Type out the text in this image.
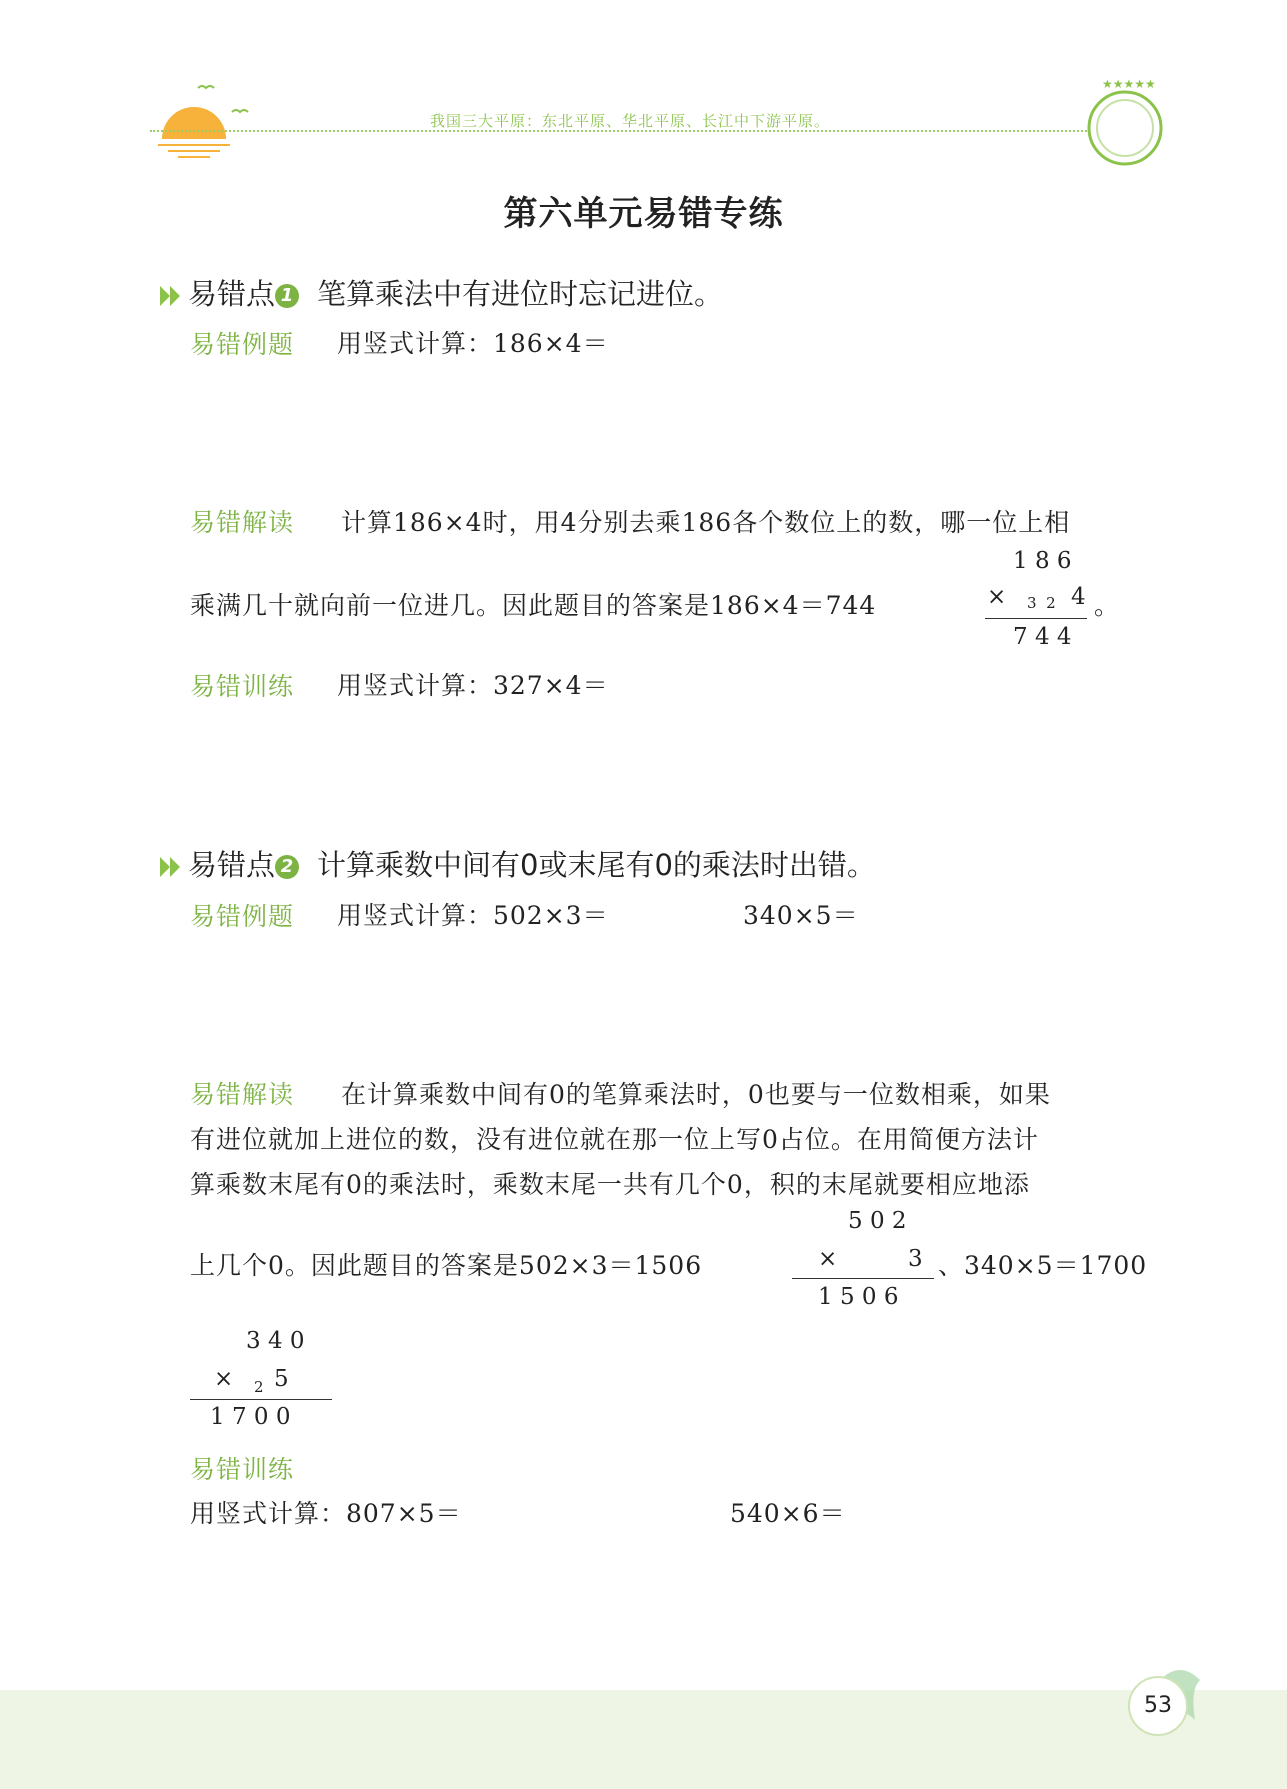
我国三大平原：东北平原、华北平原、长江中下游平原。
★★★★★
第六单元易错专练
易错点 1 笔算乘法中有进位时忘记进位。
易错例题 用竖式计算：186×4＝
易错解读 计算186×4时，用4分别去乘186各个数位上的数，哪一位上相
乘满几十就向前一位进几。因此题目的答案是186×4＝744
1 8 6
× 3  2 4
7 4 4
。
易错训练 用竖式计算：327×4＝
易错点 2 计算乘数中间有0或末尾有0的乘法时出错。
易错例题 用竖式计算：502×3＝	340×5＝
易错解读 在计算乘数中间有0的笔算乘法时，0也要与一位数相乘，如果
有进位就加上进位的数，没有进位就在那一位上写0占位。在用简便方法计
算乘数末尾有0的乘法时，乘数末尾一共有几个0，积的末尾就要相应地添
上几个0。因此题目的答案是502×3＝1506
5 0 2
×	3
1 5 0 6
、340×5＝1700
3 4 0
× 2 5
1 7 0 0
易错训练
用竖式计算：807×5＝	540×6＝
53
